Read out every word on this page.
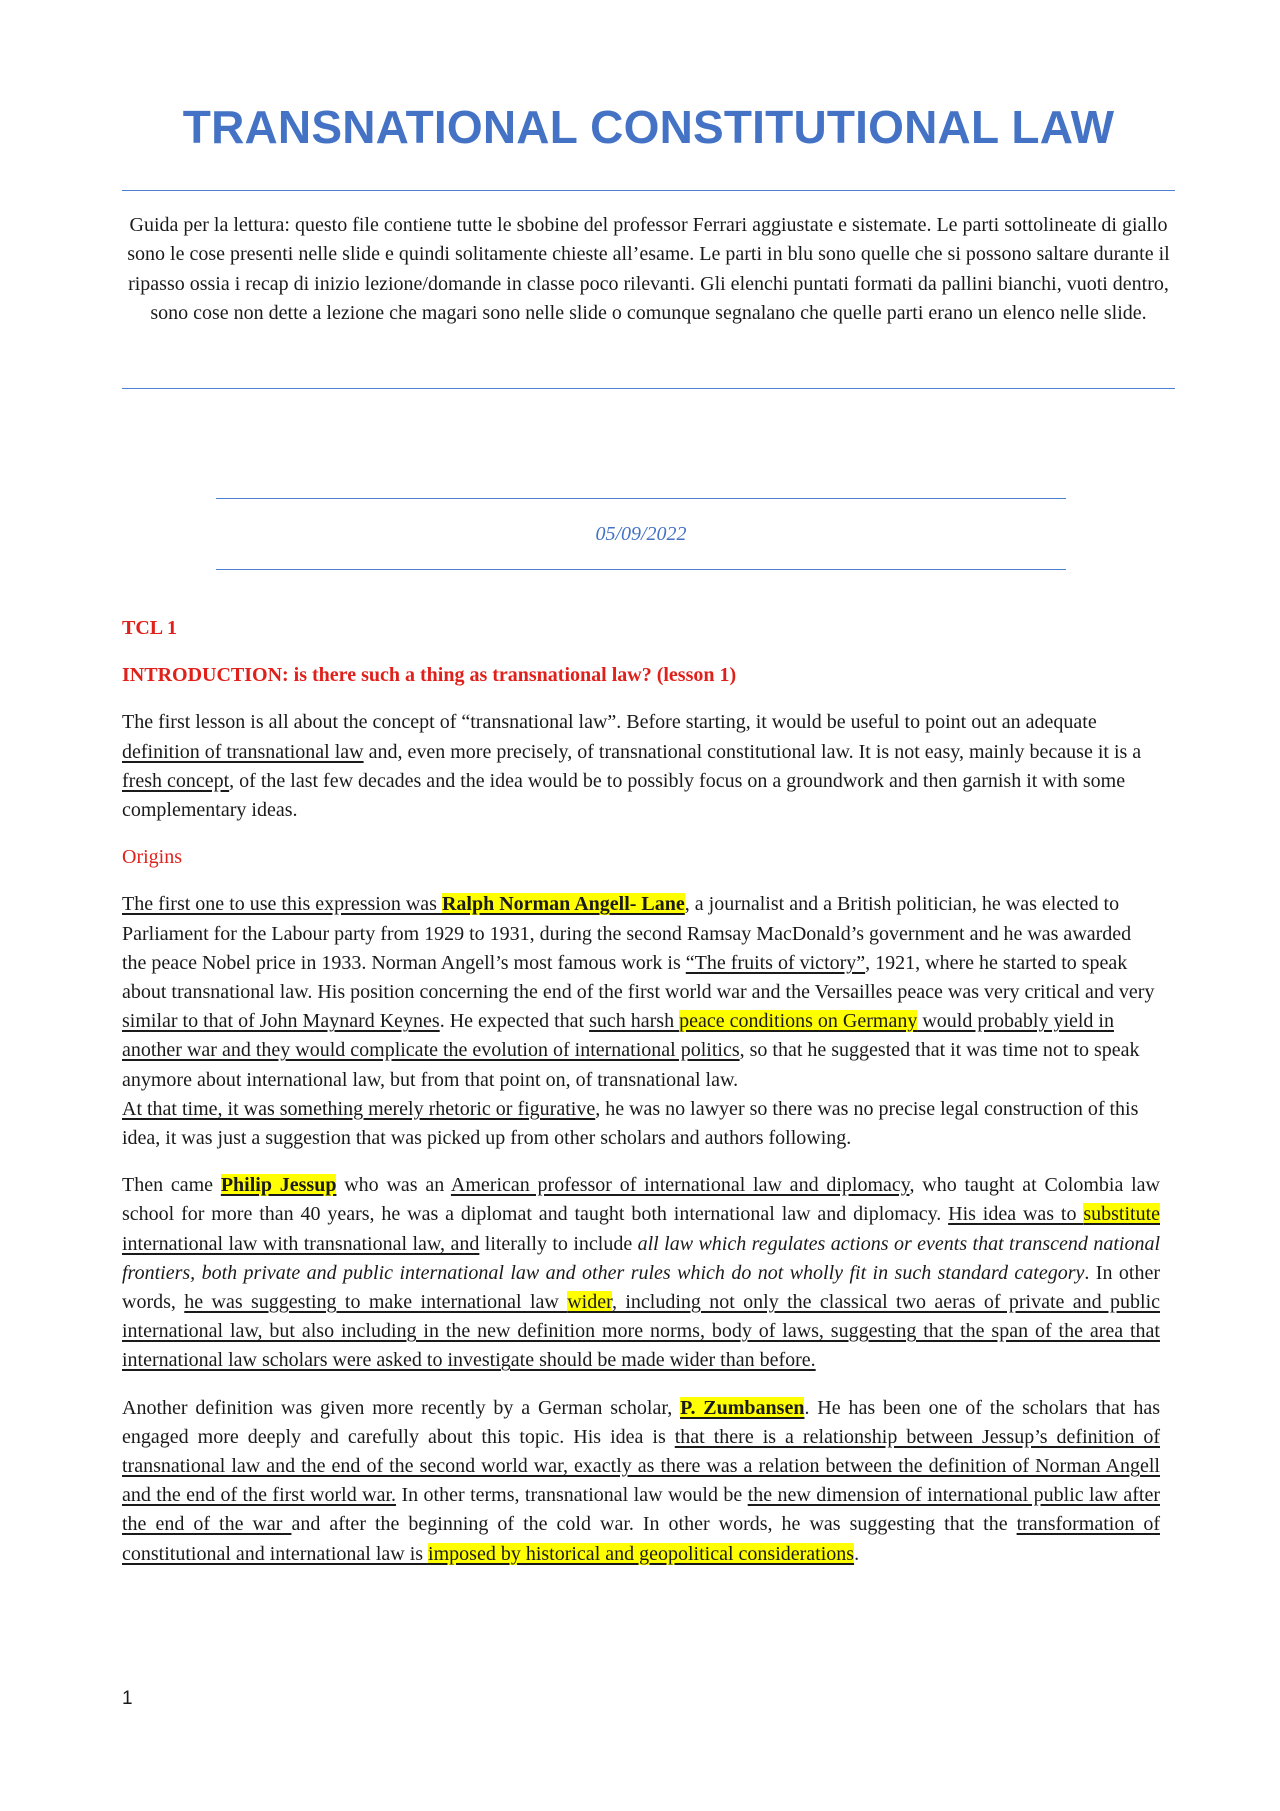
TRANSNATIONAL CONSTITUTIONAL LAW

Guida per la lettura: questo file contiene tutte le sbobine del professor Ferrari aggiustate e sistemate. Le parti sottolineate di giallo sono le cose presenti nelle slide e quindi solitamente chieste all’esame. Le parti in blu sono quelle che si possono saltare durante il ripasso ossia i recap di inizio lezione/domande in classe poco rilevanti. Gli elenchi puntati formati da pallini bianchi, vuoti dentro, sono cose non dette a lezione che magari sono nelle slide o comunque segnalano che quelle parti erano un elenco nelle slide.

05/09/2022

TCL 1

INTRODUCTION: is there such a thing as transnational law? (lesson 1)

The first lesson is all about the concept of “transnational law”. Before starting, it would be useful to point out an adequate definition of transnational law and, even more precisely, of transnational constitutional law. It is not easy, mainly because it is a fresh concept, of the last few decades and the idea would be to possibly focus on a groundwork and then garnish it with some complementary ideas.

Origins

The first one to use this expression was Ralph Norman Angell- Lane, a journalist and a British politician, he was elected to Parliament for the Labour party from 1929 to 1931, during the second Ramsay MacDonald’s government and he was awarded the peace Nobel price in 1933. Norman Angell’s most famous work is “The fruits of victory”, 1921, where he started to speak about transnational law. His position concerning the end of the first world war and the Versailles peace was very critical and very similar to that of John Maynard Keynes. He expected that such harsh peace conditions on Germany would probably yield in another war and they would complicate the evolution of international politics, so that he suggested that it was time not to speak anymore about international law, but from that point on, of transnational law.
At that time, it was something merely rhetoric or figurative, he was no lawyer so there was no precise legal construction of this idea, it was just a suggestion that was picked up from other scholars and authors following.

Then came Philip Jessup who was an American professor of international law and diplomacy, who taught at Colombia law school for more than 40 years, he was a diplomat and taught both international law and diplomacy. His idea was to substitute international law with transnational law, and literally to include all law which regulates actions or events that transcend national frontiers, both private and public international law and other rules which do not wholly fit in such standard category. In other words, he was suggesting to make international law wider, including not only the classical two aeras of private and public international law, but also including in the new definition more norms, body of laws, suggesting that the span of the area that international law scholars were asked to investigate should be made wider than before.

Another definition was given more recently by a German scholar, P. Zumbansen. He has been one of the scholars that has engaged more deeply and carefully about this topic. His idea is that there is a relationship between Jessup’s definition of transnational law and the end of the second world war, exactly as there was a relation between the definition of Norman Angell and the end of the first world war. In other terms, transnational law would be the new dimension of international public law after the end of the war and after the beginning of the cold war. In other words, he was suggesting that the transformation of constitutional and international law is imposed by historical and geopolitical considerations.

1
